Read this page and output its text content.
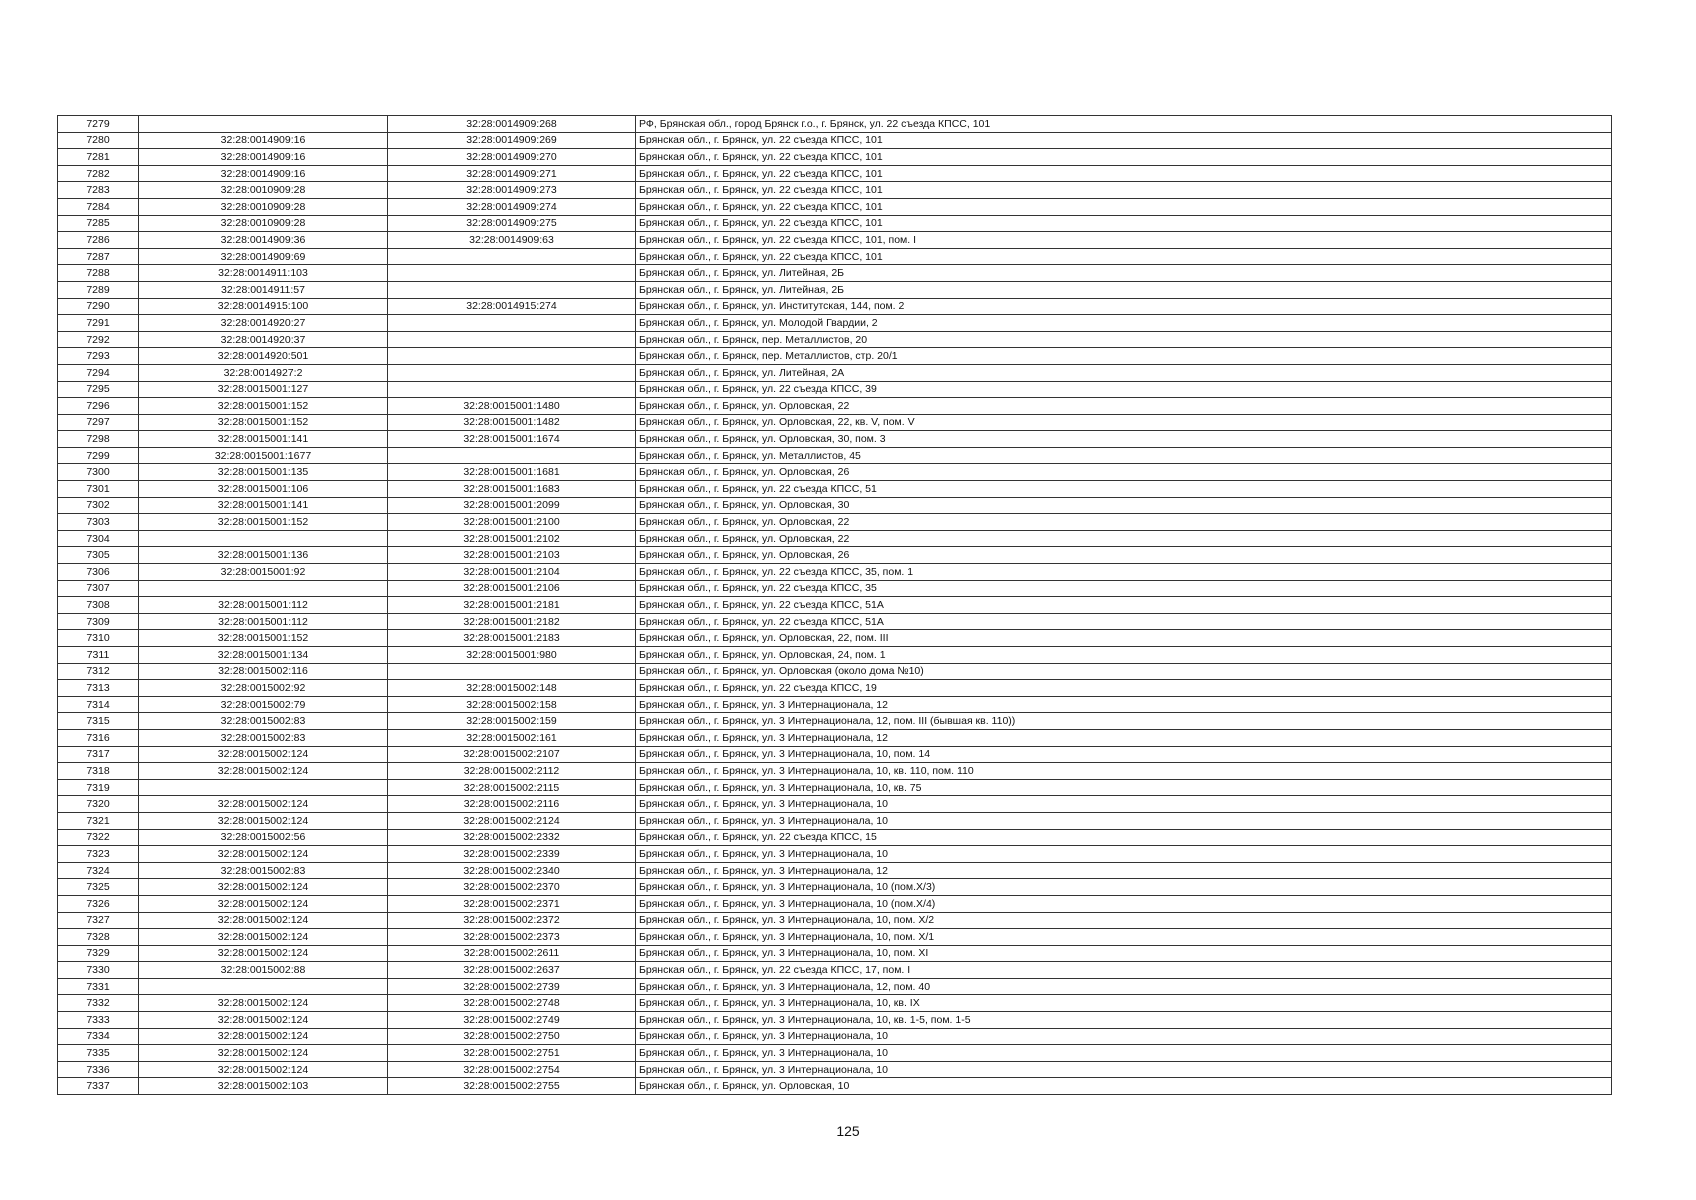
7279		32:28:0014909:268	РФ, Брянская обл., город Брянск г.о., г. Брянск, ул. 22 съезда КПСС, 101
7280	32:28:0014909:16	32:28:0014909:269	Брянская обл., г. Брянск, ул. 22 съезда КПСС, 101
7281	32:28:0014909:16	32:28:0014909:270	Брянская обл., г. Брянск, ул. 22 съезда КПСС, 101
7282	32:28:0014909:16	32:28:0014909:271	Брянская обл., г. Брянск, ул. 22 съезда КПСС, 101
7283	32:28:0010909:28	32:28:0014909:273	Брянская обл., г. Брянск, ул. 22 съезда КПСС, 101
7284	32:28:0010909:28	32:28:0014909:274	Брянская обл., г. Брянск, ул. 22 съезда КПСС, 101
7285	32:28:0010909:28	32:28:0014909:275	Брянская обл., г. Брянск, ул. 22 съезда КПСС, 101
7286	32:28:0014909:36	32:28:0014909:63	Брянская обл., г. Брянск, ул. 22 съезда КПСС, 101, пом. I
7287	32:28:0014909:69		Брянская обл., г. Брянск, ул. 22 съезда КПСС, 101
7288	32:28:0014911:103		Брянская обл., г. Брянск, ул. Литейная, 2Б
7289	32:28:0014911:57		Брянская обл., г. Брянск, ул. Литейная, 2Б
7290	32:28:0014915:100	32:28:0014915:274	Брянская обл., г. Брянск, ул. Институтская, 144, пом. 2
7291	32:28:0014920:27		Брянская обл., г. Брянск, ул. Молодой Гвардии, 2
7292	32:28:0014920:37		Брянская обл., г. Брянск, пер. Металлистов, 20
7293	32:28:0014920:501		Брянская обл., г. Брянск, пер. Металлистов, стр. 20/1
7294	32:28:0014927:2		Брянская обл., г. Брянск, ул. Литейная, 2А
7295	32:28:0015001:127		Брянская обл., г. Брянск, ул. 22 съезда КПСС, 39
7296	32:28:0015001:152	32:28:0015001:1480	Брянская обл., г. Брянск, ул. Орловская, 22
7297	32:28:0015001:152	32:28:0015001:1482	Брянская обл., г. Брянск, ул. Орловская, 22, кв. V, пом. V
7298	32:28:0015001:141	32:28:0015001:1674	Брянская обл., г. Брянск, ул. Орловская, 30, пом. 3
7299	32:28:0015001:1677		Брянская обл., г. Брянск, ул. Металлистов, 45
7300	32:28:0015001:135	32:28:0015001:1681	Брянская обл., г. Брянск, ул. Орловская, 26
7301	32:28:0015001:106	32:28:0015001:1683	Брянская обл., г. Брянск, ул. 22 съезда КПСС, 51
7302	32:28:0015001:141	32:28:0015001:2099	Брянская обл., г. Брянск, ул. Орловская, 30
7303	32:28:0015001:152	32:28:0015001:2100	Брянская обл., г. Брянск, ул. Орловская, 22
7304		32:28:0015001:2102	Брянская обл., г. Брянск, ул. Орловская, 22
7305	32:28:0015001:136	32:28:0015001:2103	Брянская обл., г. Брянск, ул. Орловская, 26
7306	32:28:0015001:92	32:28:0015001:2104	Брянская обл., г. Брянск, ул. 22 съезда КПСС, 35, пом. 1
7307		32:28:0015001:2106	Брянская обл., г. Брянск, ул. 22 съезда КПСС, 35
7308	32:28:0015001:112	32:28:0015001:2181	Брянская обл., г. Брянск, ул. 22 съезда КПСС, 51А
7309	32:28:0015001:112	32:28:0015001:2182	Брянская обл., г. Брянск, ул. 22 съезда КПСС, 51А
7310	32:28:0015001:152	32:28:0015001:2183	Брянская обл., г. Брянск, ул. Орловская, 22, пом. III
7311	32:28:0015001:134	32:28:0015001:980	Брянская обл., г. Брянск, ул. Орловская, 24, пом. 1
7312	32:28:0015002:116		Брянская обл., г. Брянск, ул. Орловская (около дома №10)
7313	32:28:0015002:92	32:28:0015002:148	Брянская обл., г. Брянск, ул. 22 съезда КПСС, 19
7314	32:28:0015002:79	32:28:0015002:158	Брянская обл., г. Брянск, ул. 3 Интернационала, 12
7315	32:28:0015002:83	32:28:0015002:159	Брянская обл., г. Брянск, ул. 3 Интернационала, 12, пом. III (бывшая кв. 110))
7316	32:28:0015002:83	32:28:0015002:161	Брянская обл., г. Брянск, ул. 3 Интернационала, 12
7317	32:28:0015002:124	32:28:0015002:2107	Брянская обл., г. Брянск, ул. 3 Интернационала, 10, пом. 14
7318	32:28:0015002:124	32:28:0015002:2112	Брянская обл., г. Брянск, ул. 3 Интернационала, 10, кв. 110, пом. 110
7319		32:28:0015002:2115	Брянская обл., г. Брянск, ул. 3 Интернационала, 10, кв. 75
7320	32:28:0015002:124	32:28:0015002:2116	Брянская обл., г. Брянск, ул. 3 Интернационала, 10
7321	32:28:0015002:124	32:28:0015002:2124	Брянская обл., г. Брянск, ул. 3 Интернационала, 10
7322	32:28:0015002:56	32:28:0015002:2332	Брянская обл., г. Брянск, ул. 22 съезда КПСС, 15
7323	32:28:0015002:124	32:28:0015002:2339	Брянская обл., г. Брянск, ул. 3 Интернационала, 10
7324	32:28:0015002:83	32:28:0015002:2340	Брянская обл., г. Брянск, ул. 3 Интернационала, 12
7325	32:28:0015002:124	32:28:0015002:2370	Брянская обл., г. Брянск, ул. 3 Интернационала, 10 (пом.Х/3)
7326	32:28:0015002:124	32:28:0015002:2371	Брянская обл., г. Брянск, ул. 3 Интернационала, 10 (пом.Х/4)
7327	32:28:0015002:124	32:28:0015002:2372	Брянская обл., г. Брянск, ул. 3 Интернационала, 10, пом. Х/2
7328	32:28:0015002:124	32:28:0015002:2373	Брянская обл., г. Брянск, ул. 3 Интернационала, 10, пом. Х/1
7329	32:28:0015002:124	32:28:0015002:2611	Брянская обл., г. Брянск, ул. 3 Интернационала, 10, пом. ХI
7330	32:28:0015002:88	32:28:0015002:2637	Брянская обл., г. Брянск, ул. 22 съезда КПСС, 17, пом. I
7331		32:28:0015002:2739	Брянская обл., г. Брянск, ул. 3 Интернационала, 12, пом. 40
7332	32:28:0015002:124	32:28:0015002:2748	Брянская обл., г. Брянск, ул. 3 Интернационала, 10, кв. IX
7333	32:28:0015002:124	32:28:0015002:2749	Брянская обл., г. Брянск, ул. 3 Интернационала, 10, кв. 1-5, пом. 1-5
7334	32:28:0015002:124	32:28:0015002:2750	Брянская обл., г. Брянск, ул. 3 Интернационала, 10
7335	32:28:0015002:124	32:28:0015002:2751	Брянская обл., г. Брянск, ул. 3 Интернационала, 10
7336	32:28:0015002:124	32:28:0015002:2754	Брянская обл., г. Брянск, ул. 3 Интернационала, 10
7337	32:28:0015002:103	32:28:0015002:2755	Брянская обл., г. Брянск, ул. Орловская, 10
125
